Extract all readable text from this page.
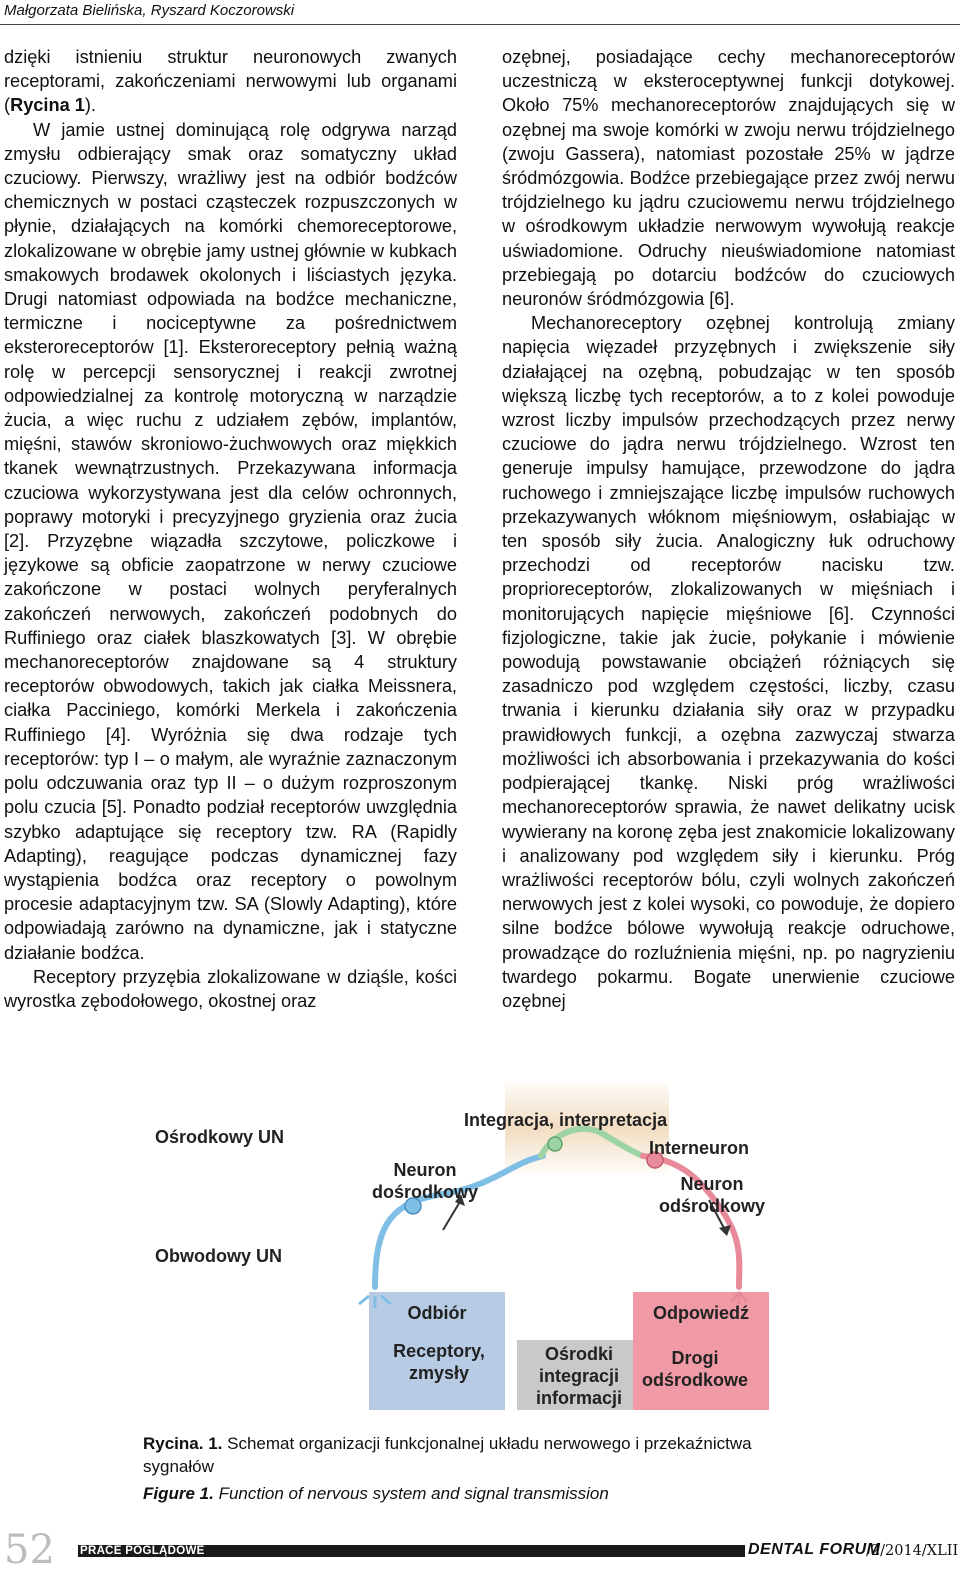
Małgorzata Bielińska, Ryszard Koczorowski

dzięki istnieniu struktur neuronowych zwanych receptorami, zakończeniami nerwowymi lub organami (Rycina 1).

W jamie ustnej dominującą rolę odgrywa narząd zmysłu odbierający smak oraz somatyczny układ czuciowy. Pierwszy, wrażliwy jest na odbiór bodźców chemicznych w postaci cząsteczek rozpuszczonych w płynie, działających na komórki chemoreceptorowe, zlokalizowane w obrębie jamy ustnej głównie w kubkach smakowych brodawek okolonych i liściastych języka. Drugi natomiast odpowiada na bodźce mechaniczne, termiczne i nociceptywne za pośrednictwem eksteroreceptorów [1]. Eksteroreceptory pełnią ważną rolę w percepcji sensorycznej i reakcji zwrotnej odpowiedzialnej za kontrolę motoryczną w narządzie żucia, a więc ruchu z udziałem zębów, implantów, mięśni, stawów skroniowo-żuchwowych oraz miękkich tkanek wewnątrzustnych. Przekazywana informacja czuciowa wykorzystywana jest dla celów ochronnych, poprawy motoryki i precyzyjnego gryzienia oraz żucia [2]. Przyzębne wiązadła szczytowe, policzkowe i językowe są obficie zaopatrzone w nerwy czuciowe zakończone w postaci wolnych peryferalnych zakończeń nerwowych, zakończeń podobnych do Ruffiniego oraz ciałek blaszkowatych [3]. W obrębie mechanoreceptorów znajdowane są 4 struktury receptorów obwodowych, takich jak ciałka Meissnera, ciałka Pacciniego, komórki Merkela i zakończenia Ruffiniego [4]. Wyróżnia się dwa rodzaje tych receptorów: typ I – o małym, ale wyraźnie zaznaczonym polu odczuwania oraz typ II – o dużym rozproszonym polu czucia [5]. Ponadto podział receptorów uwzględnia szybko adaptujące się receptory tzw. RA (Rapidly Adapting), reagujące podczas dynamicznej fazy wystąpienia bodźca oraz receptory o powolnym procesie adaptacyjnym tzw. SA (Slowly Adapting), które odpowiadają zarówno na dynamiczne, jak i statyczne działanie bodźca.

Receptory przyzębia zlokalizowane w dziąśle, kości wyrostka zębodołowego, okostnej oraz

ozębnej, posiadające cechy mechanoreceptorów uczestniczą w eksteroceptywnej funkcji dotykowej. Około 75% mechanoreceptorów znajdujących się w ozębnej ma swoje komórki w zwoju nerwu trójdzielnego (zwoju Gassera), natomiast pozostałe 25% w jądrze śródmózgowia. Bodźce przebiegające przez zwój nerwu trójdzielnego ku jądru czuciowemu nerwu trójdzielnego w ośrodkowym układzie nerwowym wywołują reakcje uświadomione. Odruchy nieuświadomione natomiast przebiegają po dotarciu bodźców do czuciowych neuronów śródmózgowia [6].

Mechanoreceptory ozębnej kontrolują zmiany napięcia więzadeł przyzębnych i zwiększenie siły działającej na ozębną, pobudzając w ten sposób większą liczbę tych receptorów, a to z kolei powoduje wzrost liczby impulsów przechodzących przez nerwy czuciowe do jądra nerwu trójdzielnego. Wzrost ten generuje impulsy hamujące, przewodzone do jądra ruchowego i zmniejszające liczbę impulsów ruchowych przekazywanych włóknom mięśniowym, osłabiając w ten sposób siły żucia. Analogiczny łuk odruchowy przechodzi od receptorów nacisku tzw. proprioreceptorów, zlokalizowanych w mięśniach i monitorujących napięcie mięśniowe [6]. Czynności fizjologiczne, takie jak żucie, połykanie i mówienie powodują powstawanie obciążeń różniących się zasadniczo pod względem częstości, liczby, czasu trwania i kierunku działania siły oraz w przypadku prawidłowych funkcji, a ozębna zazwyczaj stwarza możliwości ich absorbowania i przekazywania do kości podpierającej tkankę. Niski próg wrażliwości mechanoreceptorów sprawia, że nawet delikatny ucisk wywierany na koronę zęba jest znakomicie lokalizowany i analizowany pod względem siły i kierunku. Próg wrażliwości receptorów bólu, czyli wolnych zakończeń nerwowych jest z kolei wysoki, co powoduje, że dopiero silne bodźce bólowe wywołują reakcje odruchowe, prowadzące do rozluźnienia mięśni, np. po nagryzieniu twardego pokarmu. Bogate unerwienie czuciowe ozębnej

Ośrodkowy UN
Obwodowy UN
Integracja, interpretacja
Interneuron
Neuron dośrodkowy	Neuron odśrodkowy
Odbiór	Odpowiedź
Receptory, zmysły
Ośrodki integracji informacji
Drogi odśrodkowe
Rycina. 1. Schemat organizacji funkcjonalnej układu nerwowego i przekaźnictwa sygnałów
Figure 1. Function of nervous system and signal transmission
52 PRACE POGLĄDOWE	DENTAL FORUM
/2/2014/XLII
